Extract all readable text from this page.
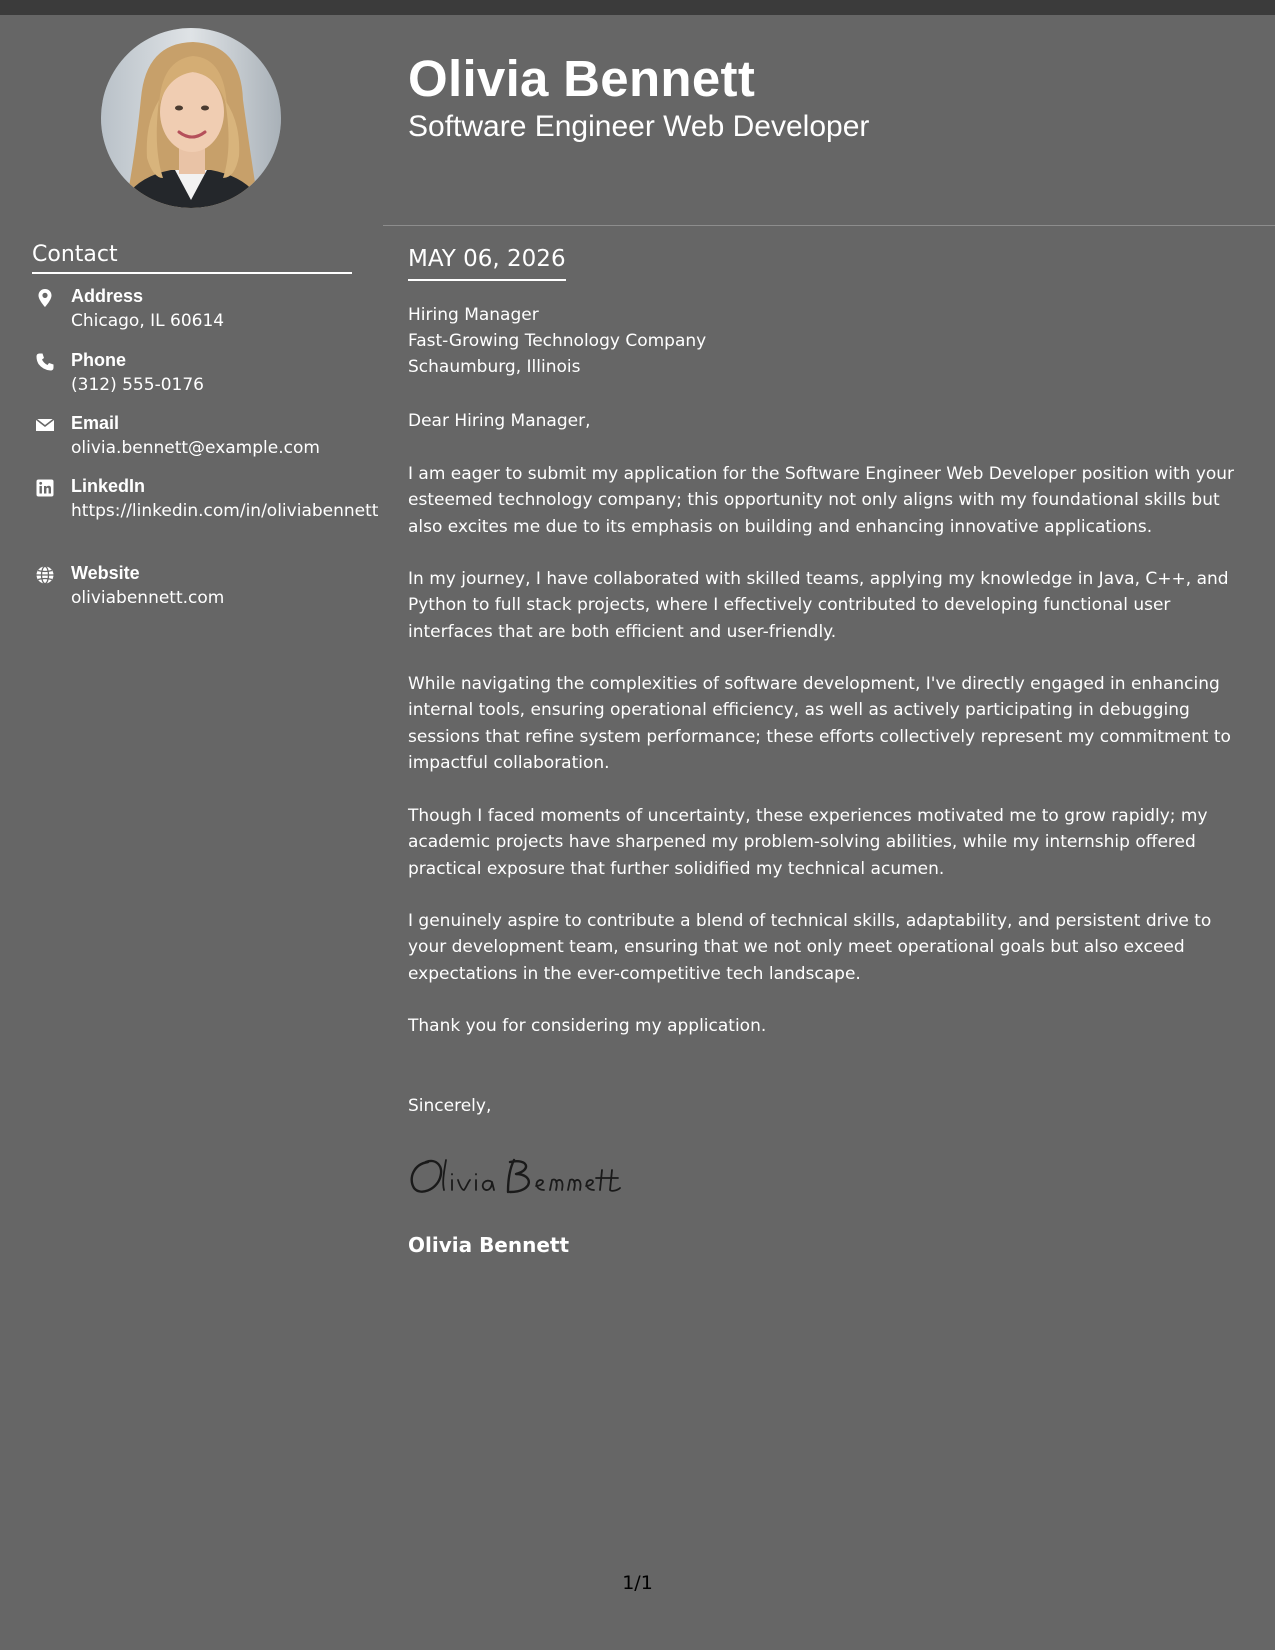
Olivia Bennett
Software Engineer Web Developer
Contact
Address
Chicago, IL 60614
Phone
(312) 555-0176
Email
olivia.bennett@example.com
LinkedIn
https://linkedin.com/in/oliviabennett
Website
oliviabennett.com
MAY 06, 2026
Hiring Manager
Fast-Growing Technology Company
Schaumburg, Illinois

Dear Hiring Manager,

I am eager to submit my application for the Software Engineer Web Developer position with your esteemed technology company; this opportunity not only aligns with my foundational skills but also excites me due to its emphasis on building and enhancing innovative applications.

In my journey, I have collaborated with skilled teams, applying my knowledge in Java, C++, and Python to full stack projects, where I effectively contributed to developing functional user interfaces that are both efficient and user-friendly.

While navigating the complexities of software development, I've directly engaged in enhancing internal tools, ensuring operational efficiency, as well as actively participating in debugging sessions that refine system performance; these efforts collectively represent my commitment to impactful collaboration.

Though I faced moments of uncertainty, these experiences motivated me to grow rapidly; my academic projects have sharpened my problem-solving abilities, while my internship offered practical exposure that further solidified my technical acumen.

I genuinely aspire to contribute a blend of technical skills, adaptability, and persistent drive to your development team, ensuring that we not only meet operational goals but also exceed expectations in the ever-competitive tech landscape.

Thank you for considering my application.

Sincerely,

Olivia Bennett
1/1
